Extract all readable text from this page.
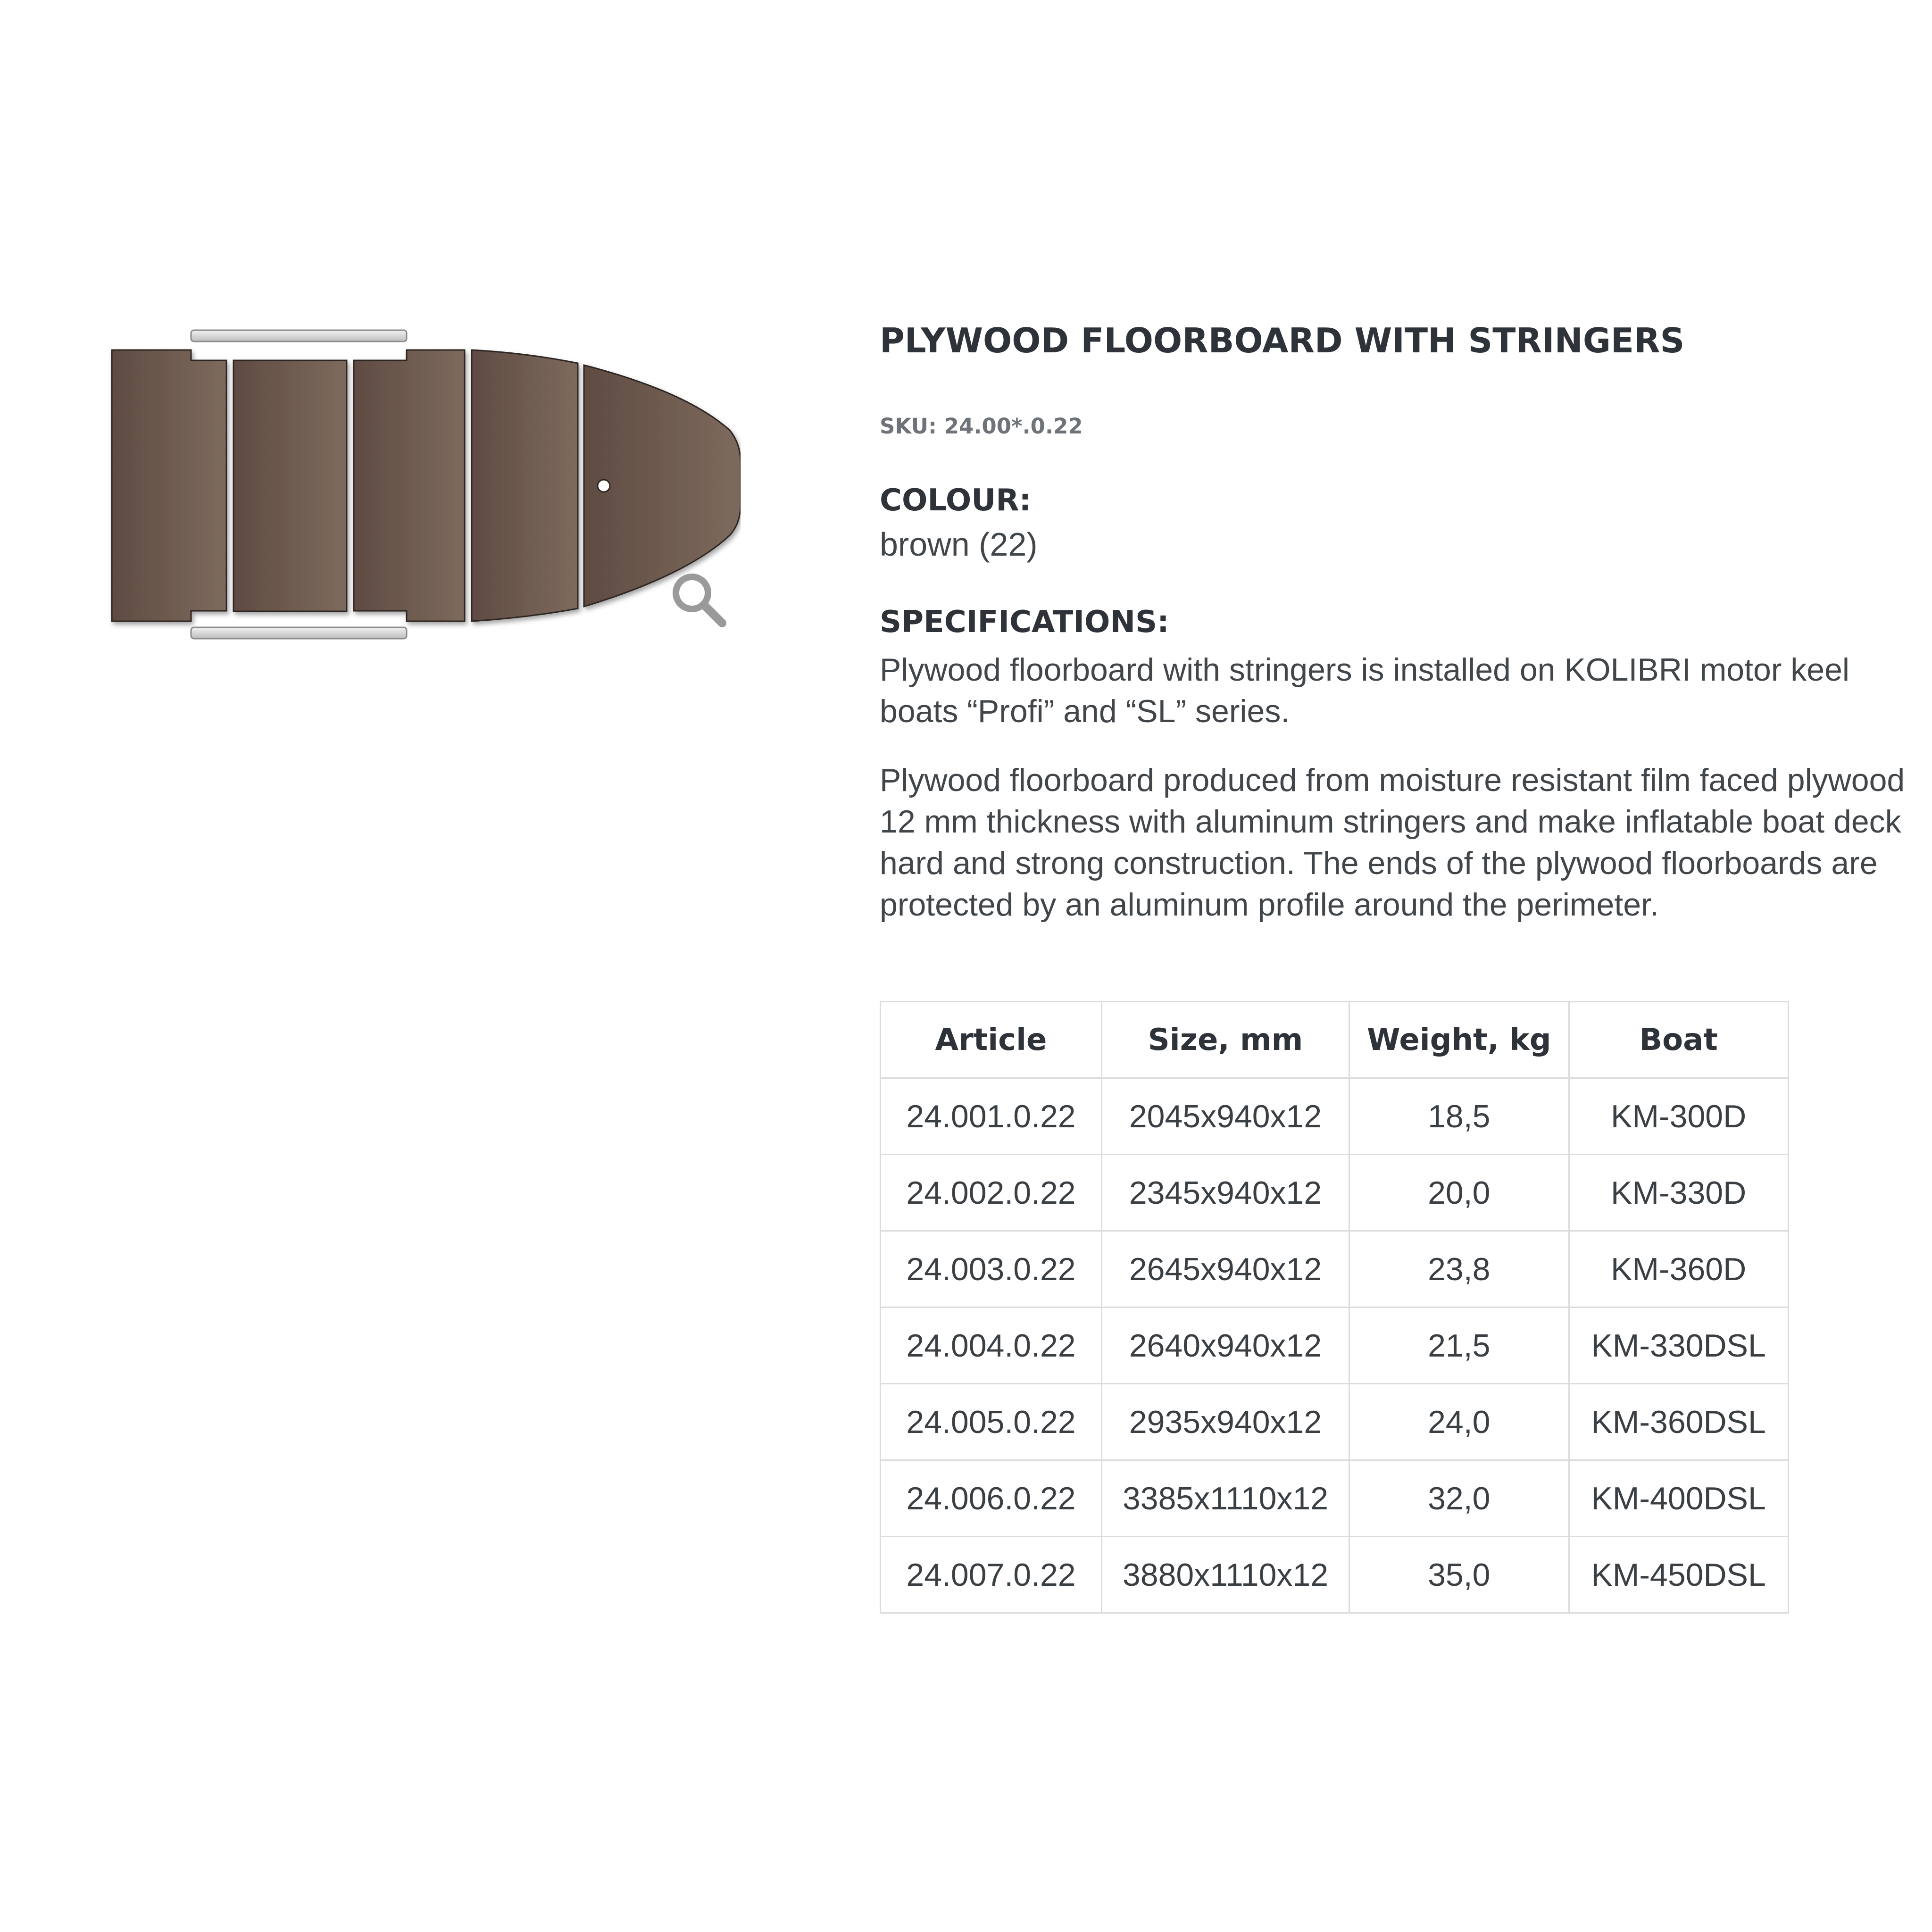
PLYWOOD FLOORBOARD WITH STRINGERS
SKU: 24.00*.0.22
COLOUR:
brown (22)
SPECIFICATIONS:

Plywood floorboard with stringers is installed on KOLIBRI motor keel boats “Profi” and “SL” series.

Plywood floorboard produced from moisture resistant film faced plywood 12 mm thickness with aluminum stringers and make inflatable boat deck hard and strong construction. The ends of the plywood floorboards are protected by an aluminum profile around the perimeter.

Article	Size, mm	Weight, kg	Boat
24.001.0.22	2045x940x12	18,5	KM-300D
24.002.0.22	2345x940x12	20,0	KM-330D
24.003.0.22	2645x940x12	23,8	KM-360D
24.004.0.22	2640x940x12	21,5	KM-330DSL
24.005.0.22	2935x940x12	24,0	KM-360DSL
24.006.0.22	3385x1110x12	32,0	KM-400DSL
24.007.0.22	3880x1110x12	35,0	KM-450DSL
